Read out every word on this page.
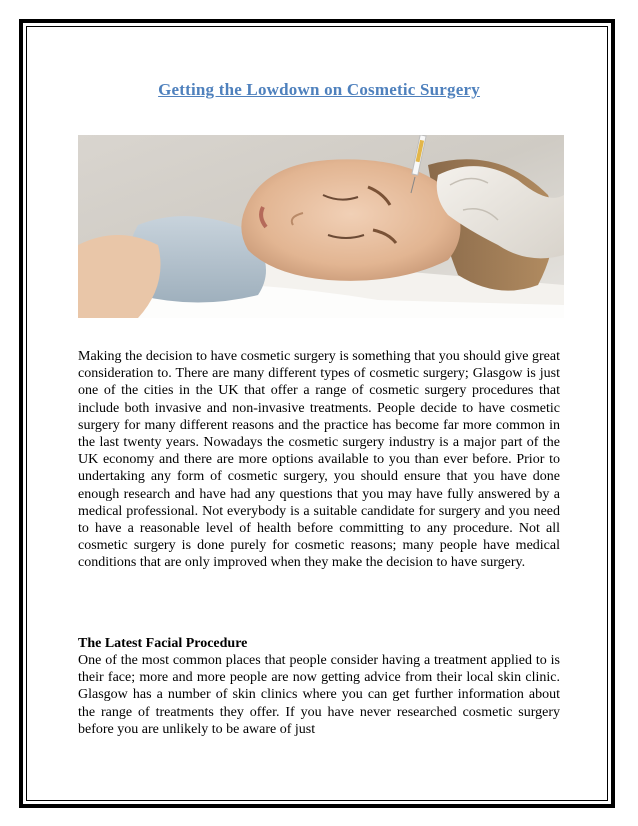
Getting the Lowdown on Cosmetic Surgery
Making the decision to have cosmetic surgery is something that you should give great consideration to. There are many different types of cosmetic surgery; Glasgow is just one of the cities in the UK that offer a range of cosmetic surgery procedures that include both invasive and non-invasive treatments. People decide to have cosmetic surgery for many different reasons and the practice has become far more common in the last twenty years. Nowadays the cosmetic surgery industry is a major part of the UK economy and there are more options available to you than ever before. Prior to undertaking any form of cosmetic surgery, you should ensure that you have done enough research and have had any questions that you may have fully answered by a medical professional. Not everybody is a suitable candidate for surgery and you need to have a reasonable level of health before committing to any procedure. Not all cosmetic surgery is done purely for cosmetic reasons; many people have medical conditions that are only improved when they make the decision to have surgery.
The Latest Facial Procedure
One of the most common places that people consider having a treatment applied to is their face; more and more people are now getting advice from their local skin clinic. Glasgow has a number of skin clinics where you can get further information about the range of treatments they offer. If you have never researched cosmetic surgery before you are unlikely to be aware of just
